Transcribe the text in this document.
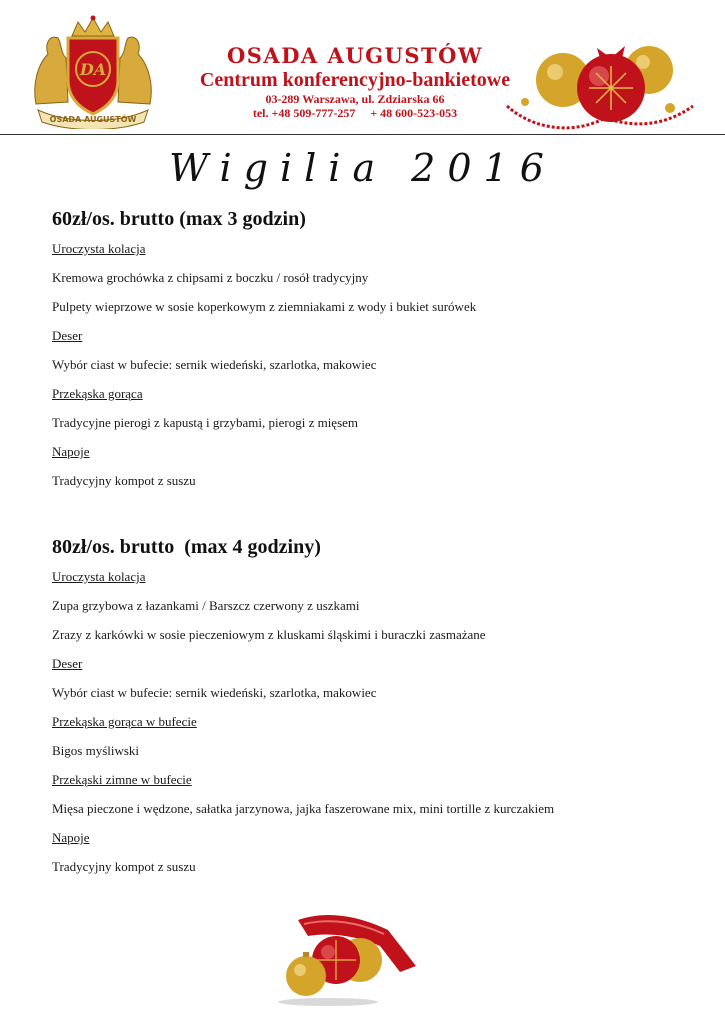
DA
OSADA AUGUSTÓW
OSADA AUGUSTÓW
Centrum konferencyjno-bankietowe
03-289 Warszawa, ul. Zdziarska 66
tel. +48 509-777-257     + 48 600-523-053
Wigilia 2016
60zł/os. brutto (max 3 godzin)
Uroczysta kolacja
Kremowa grochówka z chipsami z boczku / rosół tradycyjny
Pulpety wieprzowe w sosie koperkowym z ziemniakami z wody i bukiet surówek
Deser
Wybór ciast w bufecie: sernik wiedeński, szarlotka, makowiec
Przekąska gorąca
Tradycyjne pierogi z kapustą i grzybami, pierogi z mięsem
Napoje
Tradycyjny kompot z suszu
80zł/os. brutto  (max 4 godziny)
Uroczysta kolacja
Zupa grzybowa z łazankami / Barszcz czerwony z uszkami
Zrazy z karkówki w sosie pieczeniowym z kluskami śląskimi i buraczki zasmażane
Deser
Wybór ciast w bufecie: sernik wiedeński, szarlotka, makowiec
Przekąska gorąca w bufecie
Bigos myśliwski
Przekąski zimne w bufecie
Mięsa pieczone i wędzone, sałatka jarzynowa, jajka faszerowane mix, mini tortille z kurczakiem
Napoje
Tradycyjny kompot z suszu
